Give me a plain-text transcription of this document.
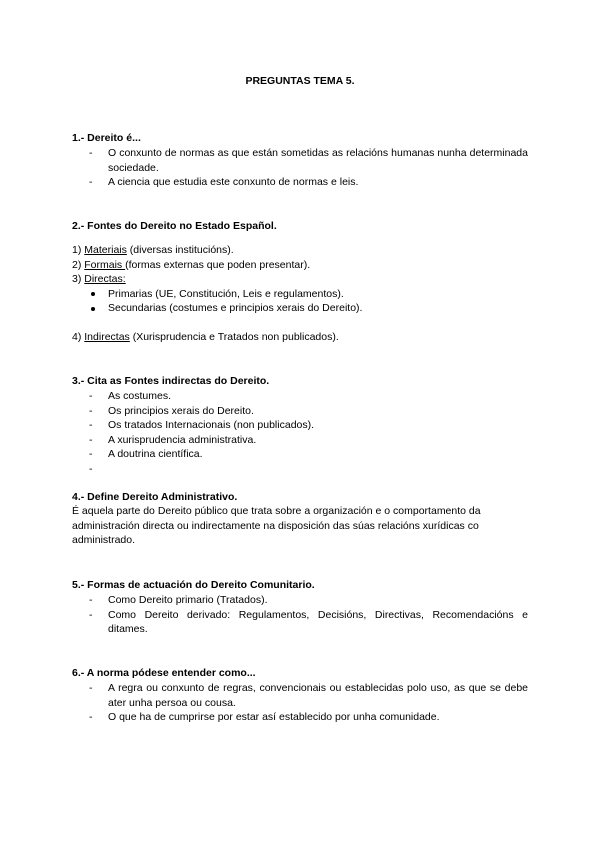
PREGUNTAS TEMA 5.
1.- Dereito é...
- O conxunto de normas as que están sometidas as relacións humanas nunha determinada sociedade.
- A ciencia que estudia este conxunto de normas e leis.
2.- Fontes do Dereito no Estado Español.
1) Materiais (diversas institucións).
2) Formais (formas externas que poden presentar).
3) Directas:
Primarias (UE, Constitución, Leis e regulamentos).
Secundarias (costumes e principios xerais do Dereito).
4) Indirectas (Xurisprudencia e Tratados non publicados).
3.- Cita as Fontes indirectas do Dereito.
- As costumes.
- Os principios xerais do Dereito.
- Os tratados Internacionais (non publicados).
- A xurisprudencia administrativa.
- A doutrina científica.
-

4.- Define Dereito Administrativo.
É aquela parte do Dereito público que trata sobre a organización e o comportamento da administración directa ou indirectamente na disposición das súas relacións xurídicas co administrado.
5.- Formas de actuación do Dereito Comunitario.
- Como Dereito primario (Tratados).
- Como Dereito derivado: Regulamentos, Decisións, Directivas, Recomendacións e ditames.
6.- A norma pódese entender como...
- A regra ou conxunto de regras, convencionais ou establecidas polo uso, as que se debe ater unha persoa ou cousa.
- O que ha de cumprirse por estar así establecido por unha comunidade.
